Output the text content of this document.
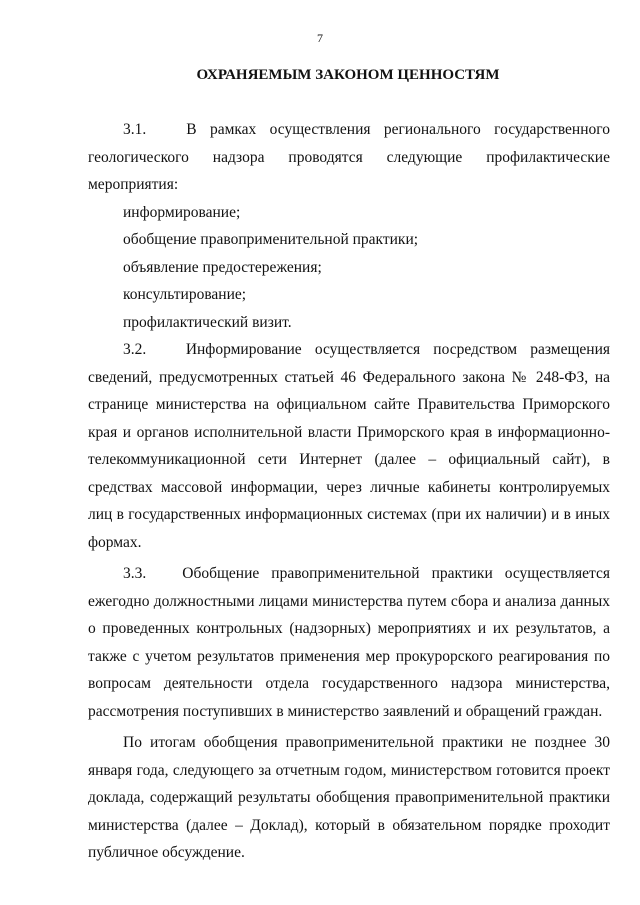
7
ОХРАНЯЕМЫМ ЗАКОНОМ ЦЕННОСТЯМ

3.1.   В рамках осуществления регионального государственного геологического надзора проводятся следующие профилактические мероприятия:

информирование;

обобщение правоприменительной практики;

объявление предостережения;

консультирование;

профилактический визит.

3.2.   Информирование осуществляется посредством размещения сведений, предусмотренных статьей 46 Федерального закона № 248-ФЗ, на странице министерства на официальном сайте Правительства Приморского края и органов исполнительной власти Приморского края в информационно-телекоммуникационной сети Интернет (далее – официальный сайт), в средствах массовой информации, через личные кабинеты контролируемых лиц в государственных информационных системах (при их наличии) и в иных формах.

3.3.   Обобщение правоприменительной практики осуществляется ежегодно должностными лицами министерства путем сбора и анализа данных о проведенных контрольных (надзорных) мероприятиях и их результатов, а также с учетом результатов применения мер прокурорского реагирования по вопросам деятельности отдела государственного надзора министерства, рассмотрения поступивших в министерство заявлений и обращений граждан.

По итогам обобщения правоприменительной практики не позднее 30 января года, следующего за отчетным годом, министерством готовится проект доклада, содержащий результаты обобщения правоприменительной практики министерства (далее – Доклад), который в обязательном порядке проходит публичное обсуждение.
